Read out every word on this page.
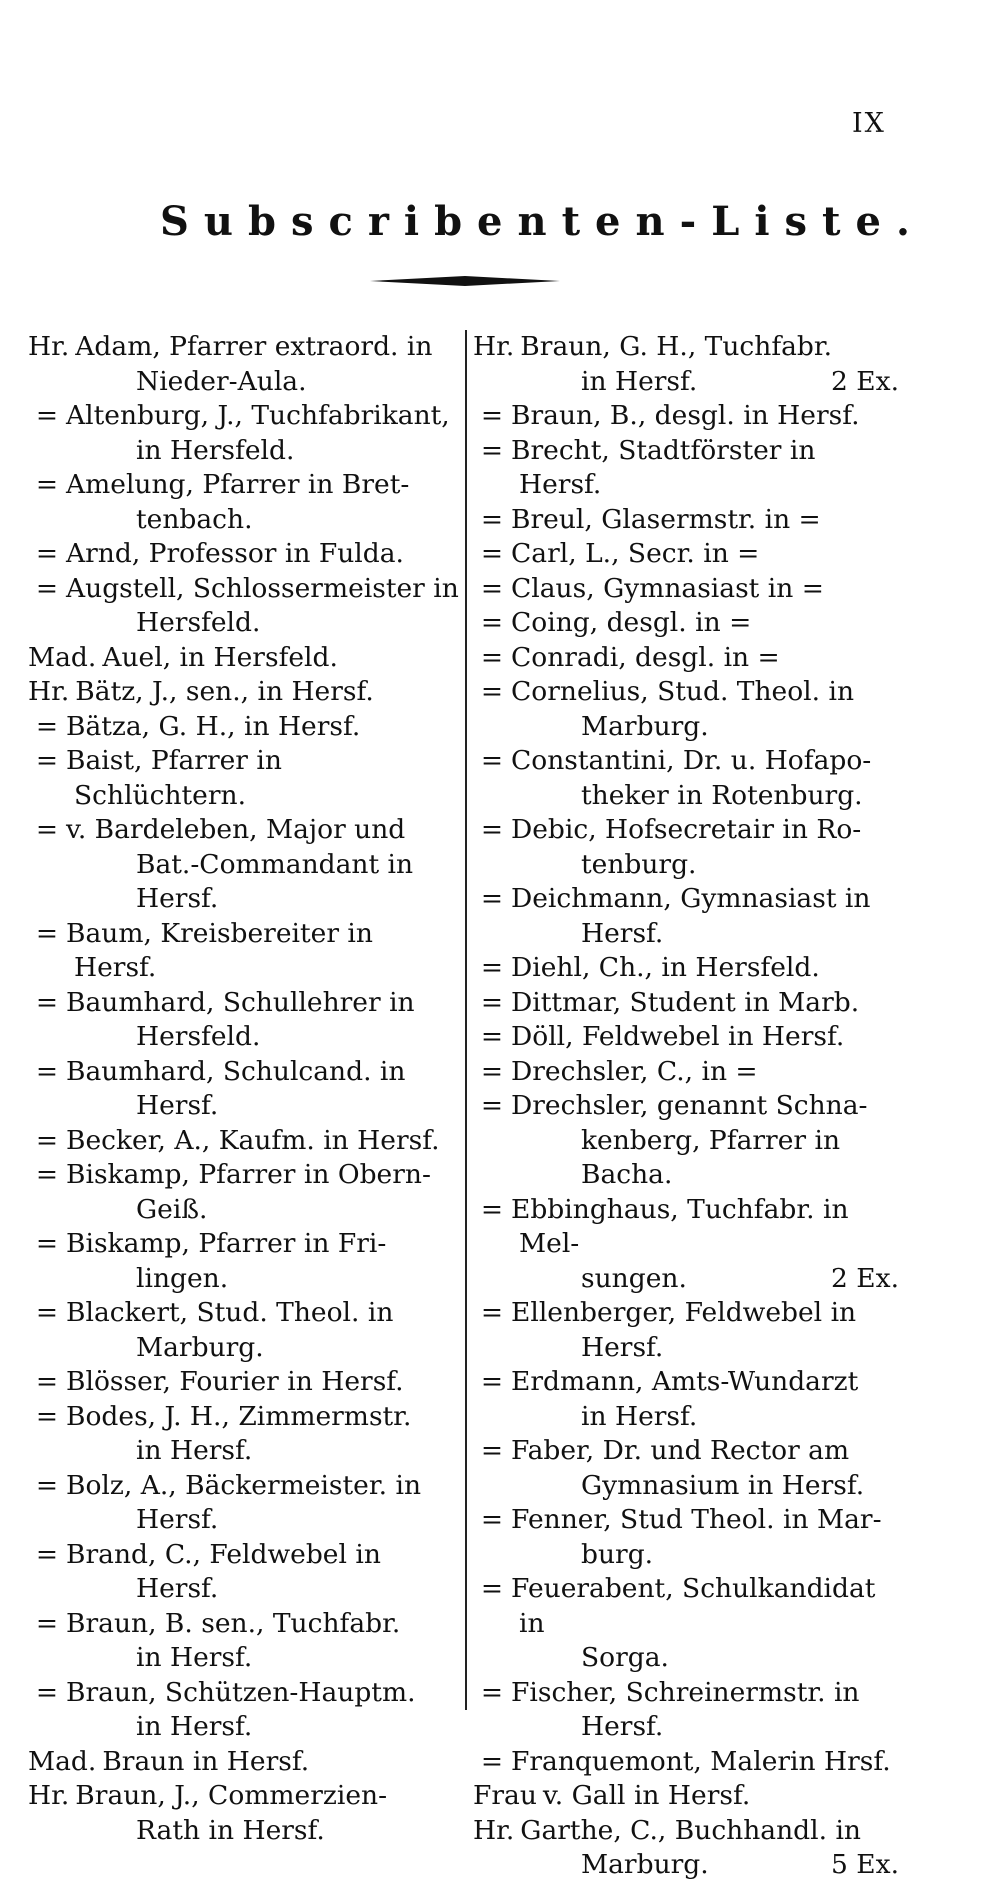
IX
Subscribenten-Liste.

Hr. Adam, Pfarrer extraord. in
Nieder-Aula.

= Altenburg, J., Tuchfabrikant,
in Hersfeld.

= Amelung, Pfarrer in Bret-
tenbach.

= Arnd, Professor in Fulda.

= Augstell, Schlossermeister in
Hersfeld.

Mad. Auel, in Hersfeld.

Hr. Bätz, J., sen., in Hersf.

= Bätza, G. H., in Hersf.

= Baist, Pfarrer in Schlüchtern.

= v. Bardeleben, Major und
Bat.-Commandant in Hersf.

= Baum, Kreisbereiter in Hersf.

= Baumhard, Schullehrer in
Hersfeld.

= Baumhard, Schulcand. in
Hersf.

= Becker, A., Kaufm. in Hersf.

= Biskamp, Pfarrer in Obern-
Geiß.

= Biskamp, Pfarrer in Fri-
lingen.

= Blackert, Stud. Theol. in
Marburg.

= Blösser, Fourier in Hersf.

= Bodes, J. H., Zimmermstr.
in Hersf.

= Bolz, A., Bäckermeister. in
Hersf.

= Brand, C., Feldwebel in
Hersf.

= Braun, B. sen., Tuchfabr.
in Hersf.

= Braun, Schützen-Hauptm.
in Hersf.

Mad. Braun in Hersf.

Hr. Braun, J., Commerzien-
Rath in Hersf.

Hr. Braun, G. H., Tuchfabr.
in Hersf.	2 Ex.

= Braun, B., desgl. in Hersf.

= Brecht, Stadtförster in Hersf.

= Breul, Glasermstr. in =

= Carl, L., Secr. in =

= Claus, Gymnasiast in =

= Coing, desgl. in =

= Conradi, desgl. in =

= Cornelius, Stud. Theol. in
Marburg.

= Constantini, Dr. u. Hofapo-
theker in Rotenburg.

= Debic, Hofsecretair in Ro-
tenburg.

= Deichmann, Gymnasiast in
Hersf.

= Diehl, Ch., in Hersfeld.

= Dittmar, Student in Marb.

= Döll, Feldwebel in Hersf.

= Drechsler, C., in =

= Drechsler, genannt Schna-
kenberg, Pfarrer in Bacha.

= Ebbinghaus, Tuchfabr. in Mel-
sungen.	2 Ex.

= Ellenberger, Feldwebel in
Hersf.

= Erdmann, Amts-Wundarzt
in Hersf.

= Faber, Dr. und Rector am
Gymnasium in Hersf.

= Fenner, Stud Theol. in Mar-
burg.

= Feuerabent, Schulkandidat in
Sorga.

= Fischer, Schreinermstr. in
Hersf.

= Franquemont, Malerin Hrsf.

Frau v. Gall in Hersf.

Hr. Garthe, C., Buchhandl. in
Marburg.	5 Ex.
